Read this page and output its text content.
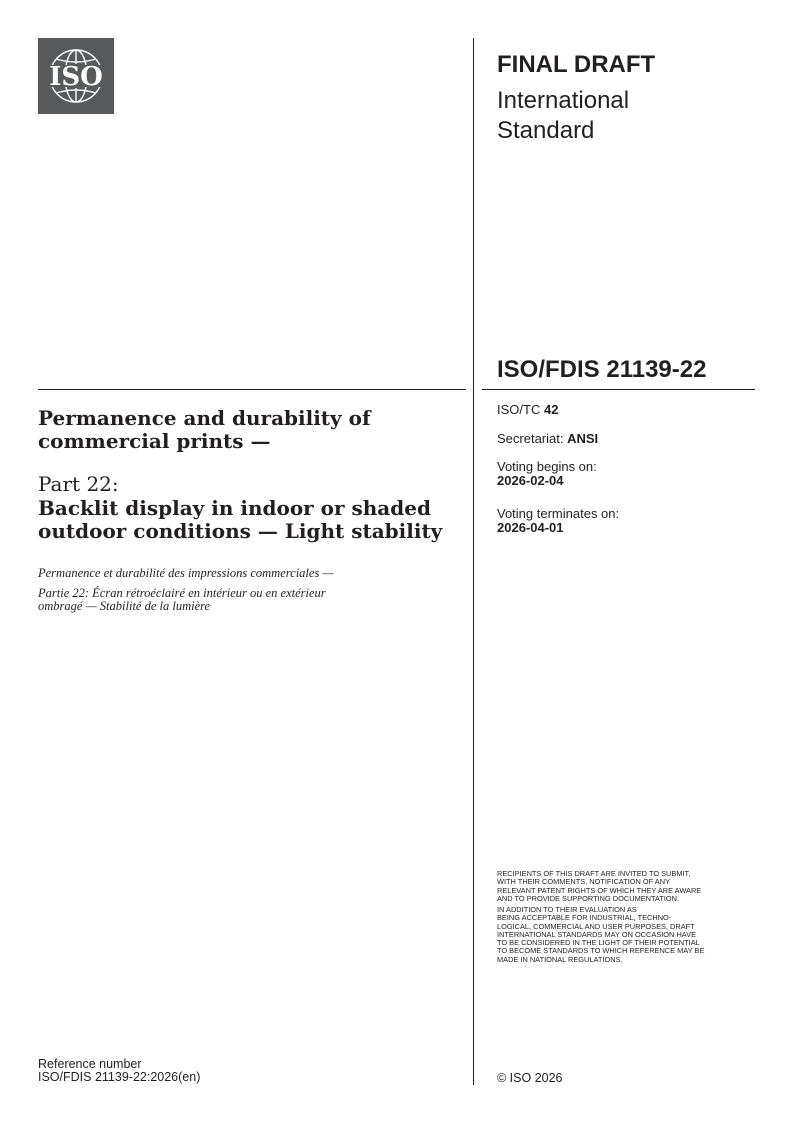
ISO	FINAL DRAFT
International
Standard
ISO/FDIS 21139-22
ISO/TC 42
Secretariat: ANSI
Voting begins on:
2026-02-04
Voting terminates on:
2026-04-01
Permanence and durability of
commercial prints —
Part 22:
Backlit display in indoor or shaded
outdoor conditions — Light stability
Permanence et durabilité des impressions commerciales —
Partie 22: Écran rétroéclairé en intérieur ou en extérieur
ombragé — Stabilité de la lumière
RECIPIENTS OF THIS DRAFT ARE INVITED TO SUBMIT,
WITH THEIR COMMENTS, NOTIFICATION OF ANY
RELEVANT PATENT RIGHTS OF WHICH THEY ARE AWARE
AND TO PROVIDE SUPPORTING DOCUMENTATION.
IN ADDITION TO THEIR EVALUATION AS
BEING ACCEPTABLE FOR INDUSTRIAL, TECHNO-
LOGICAL, COMMERCIAL AND USER PURPOSES, DRAFT
INTERNATIONAL STANDARDS MAY ON OCCASION HAVE
TO BE CONSIDERED IN THE LIGHT OF THEIR POTENTIAL
TO BECOME STANDARDS TO WHICH REFERENCE MAY BE
MADE IN NATIONAL REGULATIONS.
Reference number
ISO/FDIS 21139-22:2026(en)	© ISO 2026
